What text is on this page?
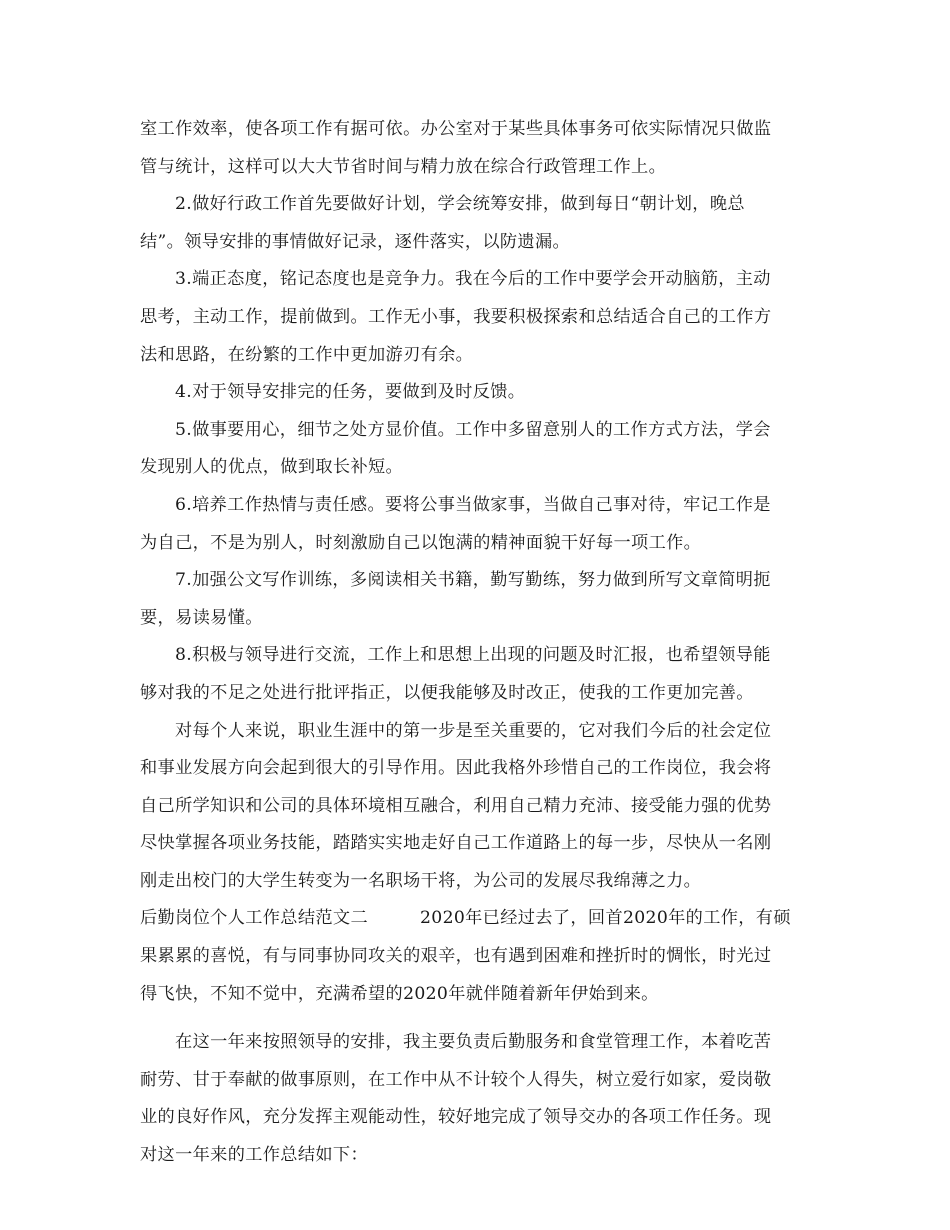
室工作效率，使各项工作有据可依。办公室对于某些具体事务可依实际情况只做监
管与统计，这样可以大大节省时间与精力放在综合行政管理工作上。
2.做好行政工作首先要做好计划，学会统筹安排，做到每日“朝计划，晚总
结”。领导安排的事情做好记录，逐件落实，以防遗漏。
3.端正态度，铭记态度也是竞争力。我在今后的工作中要学会开动脑筋，主动
思考，主动工作，提前做到。工作无小事，我要积极探索和总结适合自己的工作方
法和思路，在纷繁的工作中更加游刃有余。
4.对于领导安排完的任务，要做到及时反馈。
5.做事要用心，细节之处方显价值。工作中多留意别人的工作方式方法，学会
发现别人的优点，做到取长补短。
6.培养工作热情与责任感。要将公事当做家事，当做自己事对待，牢记工作是
为自己，不是为别人，时刻激励自己以饱满的精神面貌干好每一项工作。
7.加强公文写作训练，多阅读相关书籍，勤写勤练，努力做到所写文章简明扼
要，易读易懂。
8.积极与领导进行交流，工作上和思想上出现的问题及时汇报，也希望领导能
够对我的不足之处进行批评指正，以便我能够及时改正，使我的工作更加完善。
对每个人来说，职业生涯中的第一步是至关重要的，它对我们今后的社会定位
和事业发展方向会起到很大的引导作用。因此我格外珍惜自己的工作岗位，我会将
自己所学知识和公司的具体环境相互融合，利用自己精力充沛、接受能力强的优势
尽快掌握各项业务技能，踏踏实实地走好自己工作道路上的每一步，尽快从一名刚
刚走出校门的大学生转变为一名职场干将，为公司的发展尽我绵薄之力。
后勤岗位个人工作总结范文二	2020年已经过去了，回首2020年的工作，有硕
果累累的喜悦，有与同事协同攻关的艰辛，也有遇到困难和挫折时的惆怅，时光过
得飞快，不知不觉中，充满希望的2020年就伴随着新年伊始到来。
在这一年来按照领导的安排，我主要负责后勤服务和食堂管理工作，本着吃苦
耐劳、甘于奉献的做事原则，在工作中从不计较个人得失，树立爱行如家，爱岗敬
业的良好作风，充分发挥主观能动性，较好地完成了领导交办的各项工作任务。现
对这一年来的工作总结如下：
